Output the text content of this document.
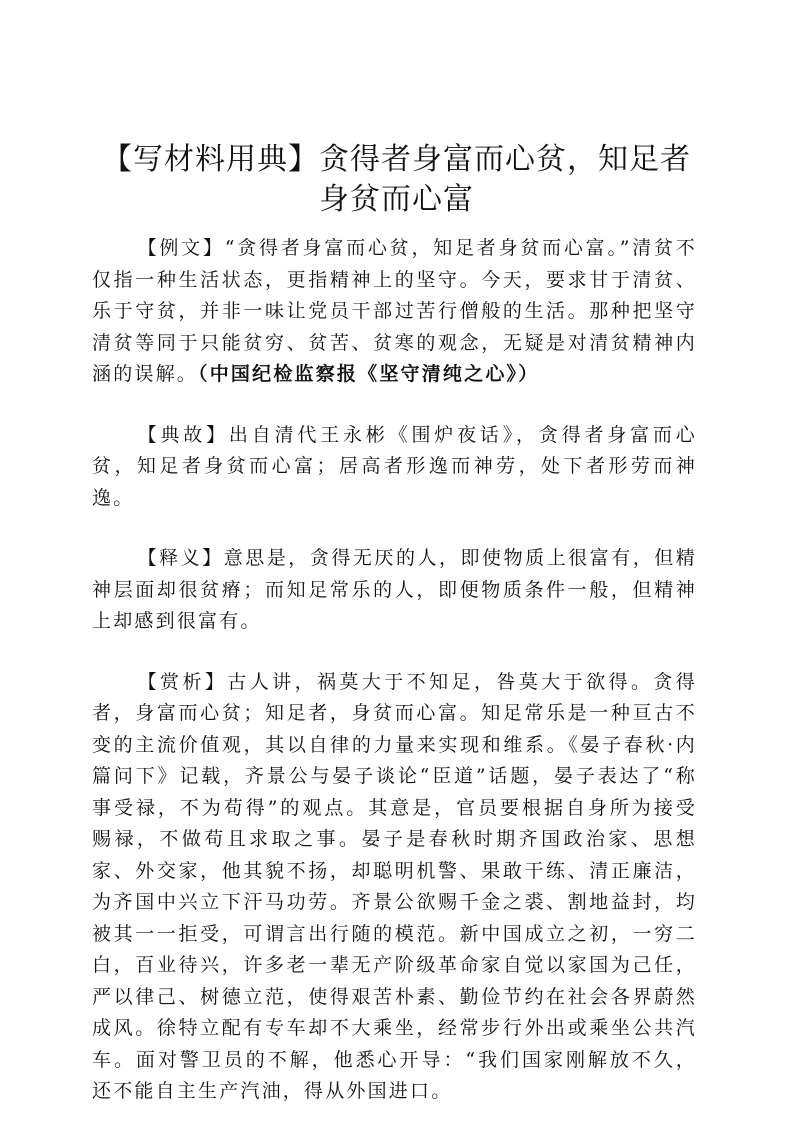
【写材料用典】贪得者身富而心贫，知足者身贫而心富

【例文】“贪得者身富而心贫，知足者身贫而心富。”清贫不仅指一种生活状态，更指精神上的坚守。今天，要求甘于清贫、乐于守贫，并非一味让党员干部过苦行僧般的生活。那种把坚守清贫等同于只能贫穷、贫苦、贫寒的观念，无疑是对清贫精神内涵的误解。（中国纪检监察报《坚守清纯之心》）

【典故】出自清代王永彬《围炉夜话》，贪得者身富而心贫，知足者身贫而心富；居高者形逸而神劳，处下者形劳而神逸。

【释义】意思是，贪得无厌的人，即使物质上很富有，但精神层面却很贫瘠；而知足常乐的人，即便物质条件一般，但精神上却感到很富有。

【赏析】古人讲，祸莫大于不知足，咎莫大于欲得。贪得者，身富而心贫；知足者，身贫而心富。知足常乐是一种亘古不变的主流价值观，其以自律的力量来实现和维系。《晏子春秋·内篇问下》记载，齐景公与晏子谈论“臣道”话题，晏子表达了“称事受禄，不为苟得”的观点。其意是，官员要根据自身所为接受赐禄，不做苟且求取之事。晏子是春秋时期齐国政治家、思想家、外交家，他其貌不扬，却聪明机警、果敢干练、清正廉洁，为齐国中兴立下汗马功劳。齐景公欲赐千金之裘、割地益封，均被其一一拒受，可谓言出行随的模范。新中国成立之初，一穷二白，百业待兴，许多老一辈无产阶级革命家自觉以家国为己任，严以律己、树德立范，使得艰苦朴素、勤俭节约在社会各界蔚然成风。徐特立配有专车却不大乘坐，经常步行外出或乘坐公共汽车。面对警卫员的不解，他悉心开导：“我们国家刚解放不久，还不能自主生产汽油，得从外国进口。
